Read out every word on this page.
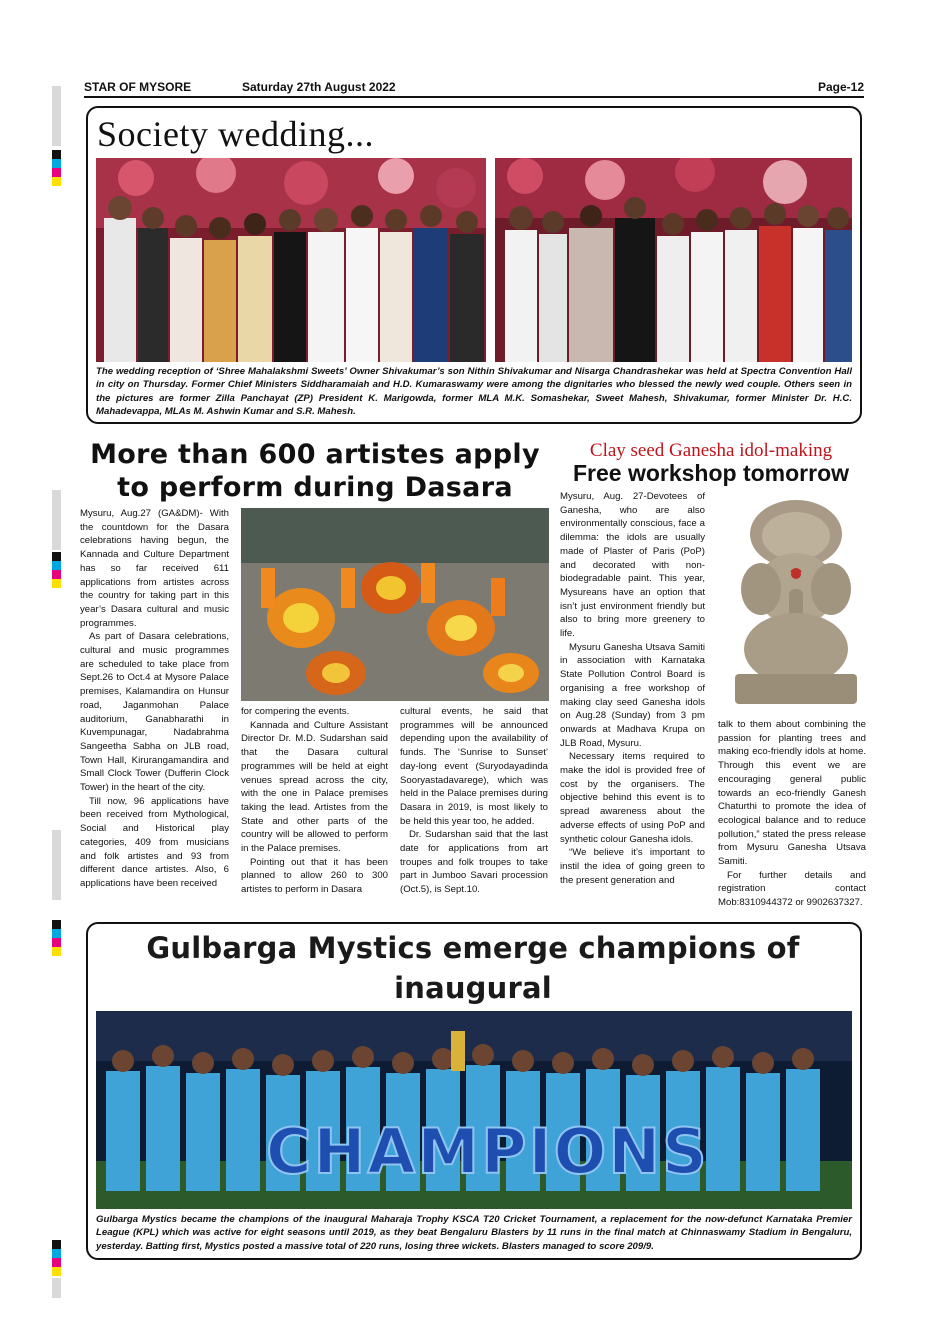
STAR OF MYSORE	Saturday 27th August 2022	Page-12
Society wedding...

The wedding reception of ‘Shree Mahalakshmi Sweets’ Owner Shivakumar’s son Nithin Shivakumar and Nisarga Chandrashekar was held at Spectra Convention Hall in city on Thursday. Former Chief Ministers Siddharamaiah and H.D. Kumaraswamy were among the dignitaries who blessed the newly wed couple. Others seen in the pictures are former Zilla Panchayat (ZP) President K. Marigowda, former MLA M.K. Somashekar, Sweet Mahesh, Shivakumar, former Minister Dr. H.C. Mahadevappa, MLAs M. Ashwin Kumar and S.R. Mahesh.

More than 600 artistes apply
to perform during Dasara

Mysuru, Aug.27 (GA&DM)- With the countdown for the Dasara celebrations having begun, the Kannada and Culture Department has so far received 611 applications from artistes across the country for taking part in this year’s Dasara cultural and music programmes.

As part of Dasara celebrations, cultural and music programmes are scheduled to take place from Sept.26 to Oct.4 at Mysore Palace premises, Kalamandira on Hunsur road, Jaganmohan Palace auditorium, Ganabharathi in Kuvempunagar, Nadabrahma Sangeetha Sabha on JLB road, Town Hall, Kirurangamandira and Small Clock Tower (Dufferin Clock Tower) in the heart of the city.

Till now, 96 applications have been received from Mythological, Social and Historical play categories, 409 from musicians and folk artistes and 93 from different dance artistes. Also, 6 applications have been received

for compering the events.

Kannada and Culture Assistant Director Dr. M.D. Sudarshan said that the Dasara cultural programmes will be held at eight venues spread across the city, with the one in Palace premises taking the lead. Artistes from the State and other parts of the country will be allowed to perform in the Palace premises.

Pointing out that it has been planned to allow 260 to 300 artistes to perform in Dasara

cultural events, he said that programmes will be announced depending upon the availability of funds. The ‘Sunrise to Sunset’ day-long event (Suryodayadinda Sooryastadavarege), which was held in the Palace premises during Dasara in 2019, is most likely to be held this year too, he added.

Dr. Sudarshan said that the last date for applications from art troupes and folk troupes to take part in Jumboo Savari procession (Oct.5), is Sept.10.

Clay seed Ganesha idol-making
Free workshop tomorrow

Mysuru, Aug. 27-Devotees of Ganesha, who are also environmentally conscious, face a dilemma: the idols are usually made of Plaster of Paris (PoP) and decorated with non-biodegradable paint. This year, Mysureans have an option that isn’t just environment friendly but also to bring more greenery to life.

Mysuru Ganesha Utsava Samiti in association with Karnataka State Pollution Control Board is organising a free workshop of making clay seed Ganesha idols on Aug.28 (Sunday) from 3 pm onwards at Madhava Krupa on JLB Road, Mysuru.

Necessary items required to make the idol is provided free of cost by the organisers. The objective behind this event is to spread awareness about the adverse effects of using PoP and synthetic colour Ganesha idols.

“We believe it’s important to instil the idea of going green to the present generation and

talk to them about combining the passion for planting trees and making eco-friendly idols at home. Through this event we are encouraging general public towards an eco-friendly Ganesh Chaturthi to promote the idea of ecological balance and to reduce pollution,” stated the press release from Mysuru Ganesha Utsava Samiti.

For further details and registration contact Mob:8310944372 or 9902637327.

Gulbarga Mystics emerge champions of inaugural
CHAMPIONS

Gulbarga Mystics became the champions of the inaugural Maharaja Trophy KSCA T20 Cricket Tournament, a replacement for the now-defunct Karnataka Premier League (KPL) which was active for eight seasons until 2019, as they beat Bengaluru Blasters by 11 runs in the final match at Chinnaswamy Stadium in Bengaluru, yesterday. Batting first, Mystics posted a massive total of 220 runs, losing three wickets. Blasters managed to score 209/9.
